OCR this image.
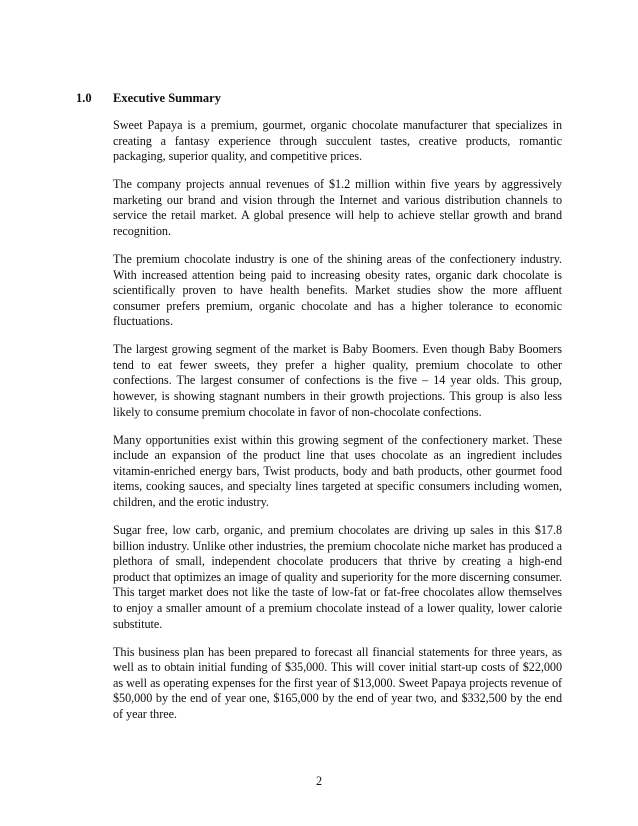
1.0	Executive Summary

Sweet Papaya is a premium, gourmet, organic chocolate manufacturer that specializes in creating a fantasy experience through succulent tastes, creative products, romantic packaging, superior quality, and competitive prices.

The company projects annual revenues of $1.2 million within five years by aggressively marketing our brand and vision through the Internet and various distribution channels to service the retail market. A global presence will help to achieve stellar growth and brand recognition.

The premium chocolate industry is one of the shining areas of the confectionery industry. With increased attention being paid to increasing obesity rates, organic dark chocolate is scientifically proven to have health benefits. Market studies show the more affluent consumer prefers premium, organic chocolate and has a higher tolerance to economic fluctuations.

The largest growing segment of the market is Baby Boomers. Even though Baby Boomers tend to eat fewer sweets, they prefer a higher quality, premium chocolate to other confections. The largest consumer of confections is the five – 14 year olds. This group, however, is showing stagnant numbers in their growth projections. This group is also less likely to consume premium chocolate in favor of non-chocolate confections.

Many opportunities exist within this growing segment of the confectionery market. These include an expansion of the product line that uses chocolate as an ingredient includes vitamin-enriched energy bars, Twist products, body and bath products, other gourmet food items, cooking sauces, and specialty lines targeted at specific consumers including women, children, and the erotic industry.

Sugar free, low carb, organic, and premium chocolates are driving up sales in this $17.8 billion industry. Unlike other industries, the premium chocolate niche market has produced a plethora of small, independent chocolate producers that thrive by creating a high-end product that optimizes an image of quality and superiority for the more discerning consumer. This target market does not like the taste of low-fat or fat-free chocolates allow themselves to enjoy a smaller amount of a premium chocolate instead of a lower quality, lower calorie substitute.

This business plan has been prepared to forecast all financial statements for three years, as well as to obtain initial funding of $35,000. This will cover initial start-up costs of $22,000 as well as operating expenses for the first year of $13,000. Sweet Papaya projects revenue of $50,000 by the end of year one, $165,000 by the end of year two, and $332,500 by the end of year three.

2
